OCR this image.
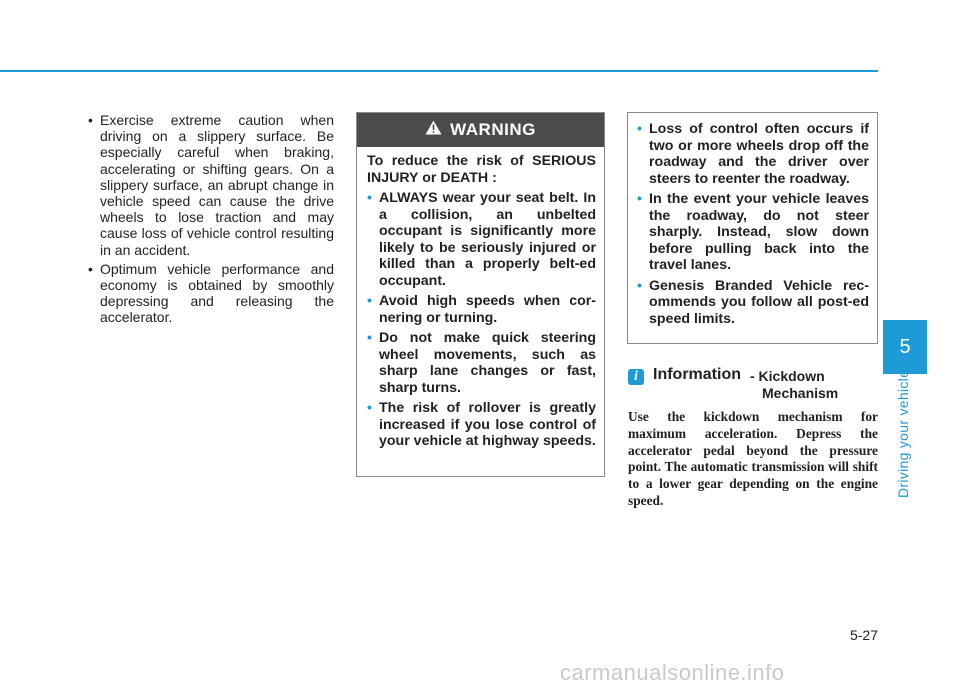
• Exercise extreme caution when driving on a slippery surface. Be especially careful when braking, accelerating or shifting gears. On a slippery surface, an abrupt change in vehicle speed can cause the drive wheels to lose traction and may cause loss of vehicle control resulting in an accident.
• Optimum vehicle performance and economy is obtained by smoothly depressing and releasing the accelerator.
WARNING

To reduce the risk of SERIOUS INJURY or DEATH :

• ALWAYS wear your seat belt. In a collision, an unbelted occupant is significantly more likely to be seriously injured or killed than a properly belt-ed occupant.
• Avoid high speeds when cor-nering or turning.
• Do not make quick steering wheel movements, such as sharp lane changes or fast, sharp turns.
• The risk of rollover is greatly increased if you lose control of your vehicle at highway speeds.
• Loss of control often occurs if two or more wheels drop off the roadway and the driver over steers to reenter the roadway.
• In the event your vehicle leaves the roadway, do not steer sharply. Instead, slow down before pulling back into the travel lanes.
• Genesis Branded Vehicle rec-ommends you follow all post-ed speed limits.
i Information - Kickdown
Mechanism
Use the kickdown mechanism for maximum acceleration. Depress the accelerator pedal beyond the pressure point. The automatic transmission will shift to a lower gear depending on the engine speed.
5
Driving your vehicle
5-27
carmanualsonline.info
